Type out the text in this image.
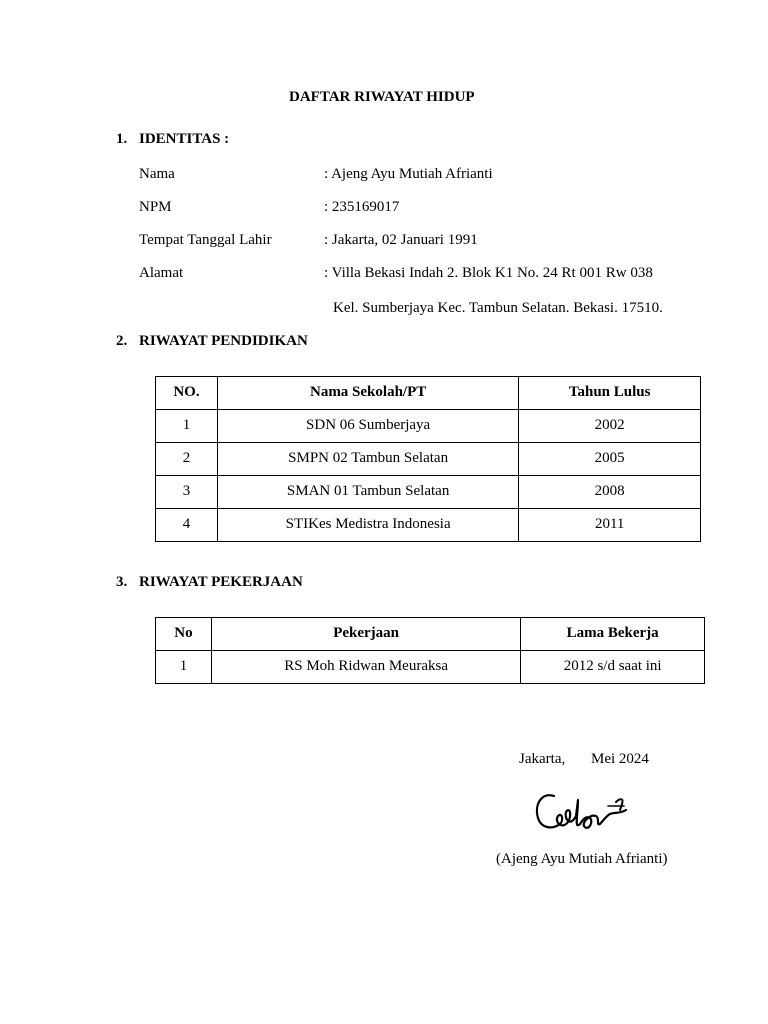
DAFTAR RIWAYAT HIDUP
1. IDENTITAS :
Nama	: Ajeng Ayu Mutiah Afrianti
NPM	: 235169017
Tempat Tanggal Lahir	: Jakarta, 02 Januari 1991
Alamat	: Villa Bekasi Indah 2. Blok K1 No. 24 Rt 001 Rw 038
Kel. Sumberjaya Kec. Tambun Selatan. Bekasi. 17510.
2. RIWAYAT PENDIDIKAN
NO.	Nama Sekolah/PT	Tahun Lulus
1	SDN 06 Sumberjaya	2002
2	SMPN 02 Tambun Selatan	2005
3	SMAN 01 Tambun Selatan	2008
4	STIKes Medistra Indonesia	2011
3. RIWAYAT PEKERJAAN
No	Pekerjaan	Lama Bekerja
1	RS Moh Ridwan Meuraksa	2012 s/d saat ini
Jakarta, Mei 2024
(Ajeng Ayu Mutiah Afrianti)
